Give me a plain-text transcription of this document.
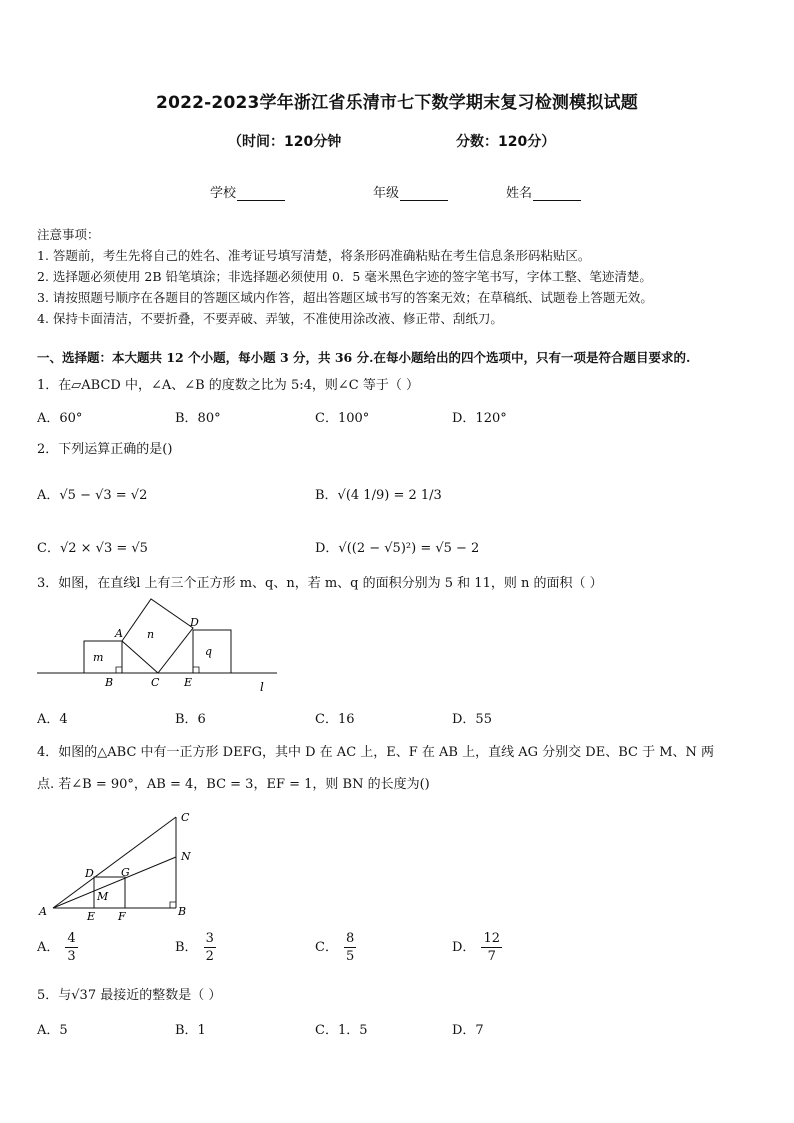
2022-2023学年浙江省乐清市七下数学期末复习检测模拟试题
（时间：120分钟	分数：120分）
学校	年级	姓名
注意事项：
1. 答题前，考生先将自己的姓名、准考证号填写清楚，将条形码准确粘贴在考生信息条形码粘贴区。
2. 选择题必须使用 2B 铅笔填涂；非选择题必须使用 0．5 毫米黑色字迹的签字笔书写，字体工整、笔迹清楚。
3. 请按照题号顺序在各题目的答题区域内作答，超出答题区域书写的答案无效；在草稿纸、试题卷上答题无效。
4. 保持卡面清洁，不要折叠，不要弄破、弄皱，不准使用涂改液、修正带、刮纸刀。
一、选择题：本大题共 12 个小题，每小题 3 分，共 36 分.在每小题给出的四个选项中，只有一项是符合题目要求的.
1．在▱ABCD 中，∠A、∠B 的度数之比为 5:4，则∠C 等于（ ）
A．60°	B．80°	C．100°	D．120°
2．下列运算正确的是()
A．√5 − √3 = √2	B．√(4 1/9) = 2 1/3
C．√2 × √3 = √5	D．√((2 − √5)²) = √5 − 2
3．如图，在直线l 上有三个正方形 m、q、n，若 m、q 的面积分别为 5 和 11，则 n 的面积（ ）
A n
D
m	q
B	C E	l
A．4	B．6	C．16	D．55
4．如图的△ABC 中有一正方形 DEFG，其中 D 在 AC 上，E、F 在 AB 上，直线 AG 分别交 DE、BC 于 M、N 两
点. 若∠B = 90°，AB = 4，BC = 3，EF = 1，则 BN 的长度为()
C
N
D G
M
A	E F	B
A． $\frac{4}{3}$	B． $\frac{3}{2}$	C． $\frac{8}{5}$	D． $\frac{12}{7}$
5．与√37 最接近的整数是（ ）
A．5	B．1	C．1．5	D．7
